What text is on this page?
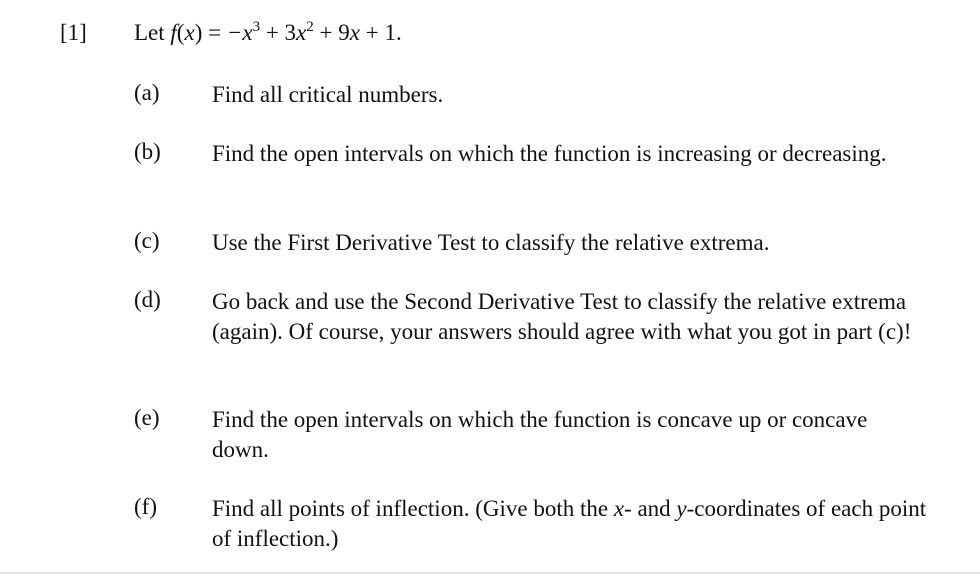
[1] Let $f(x) = -x^3 + 3x^2 + 9x + 1$.
(a)	Find all critical numbers.
(b)	Find the open intervals on which the function is increasing or decreasing.
(c)	Use the First Derivative Test to classify the relative extrema.
(d)	Go back and use the Second Derivative Test to classify the relative extrema (again). Of course, your answers should agree with what you got in part (c)!
(e)	Find the open intervals on which the function is concave up or concave down.
(f)	Find all points of inflection. (Give both the x- and y-coordinates of each point of inflection.)
